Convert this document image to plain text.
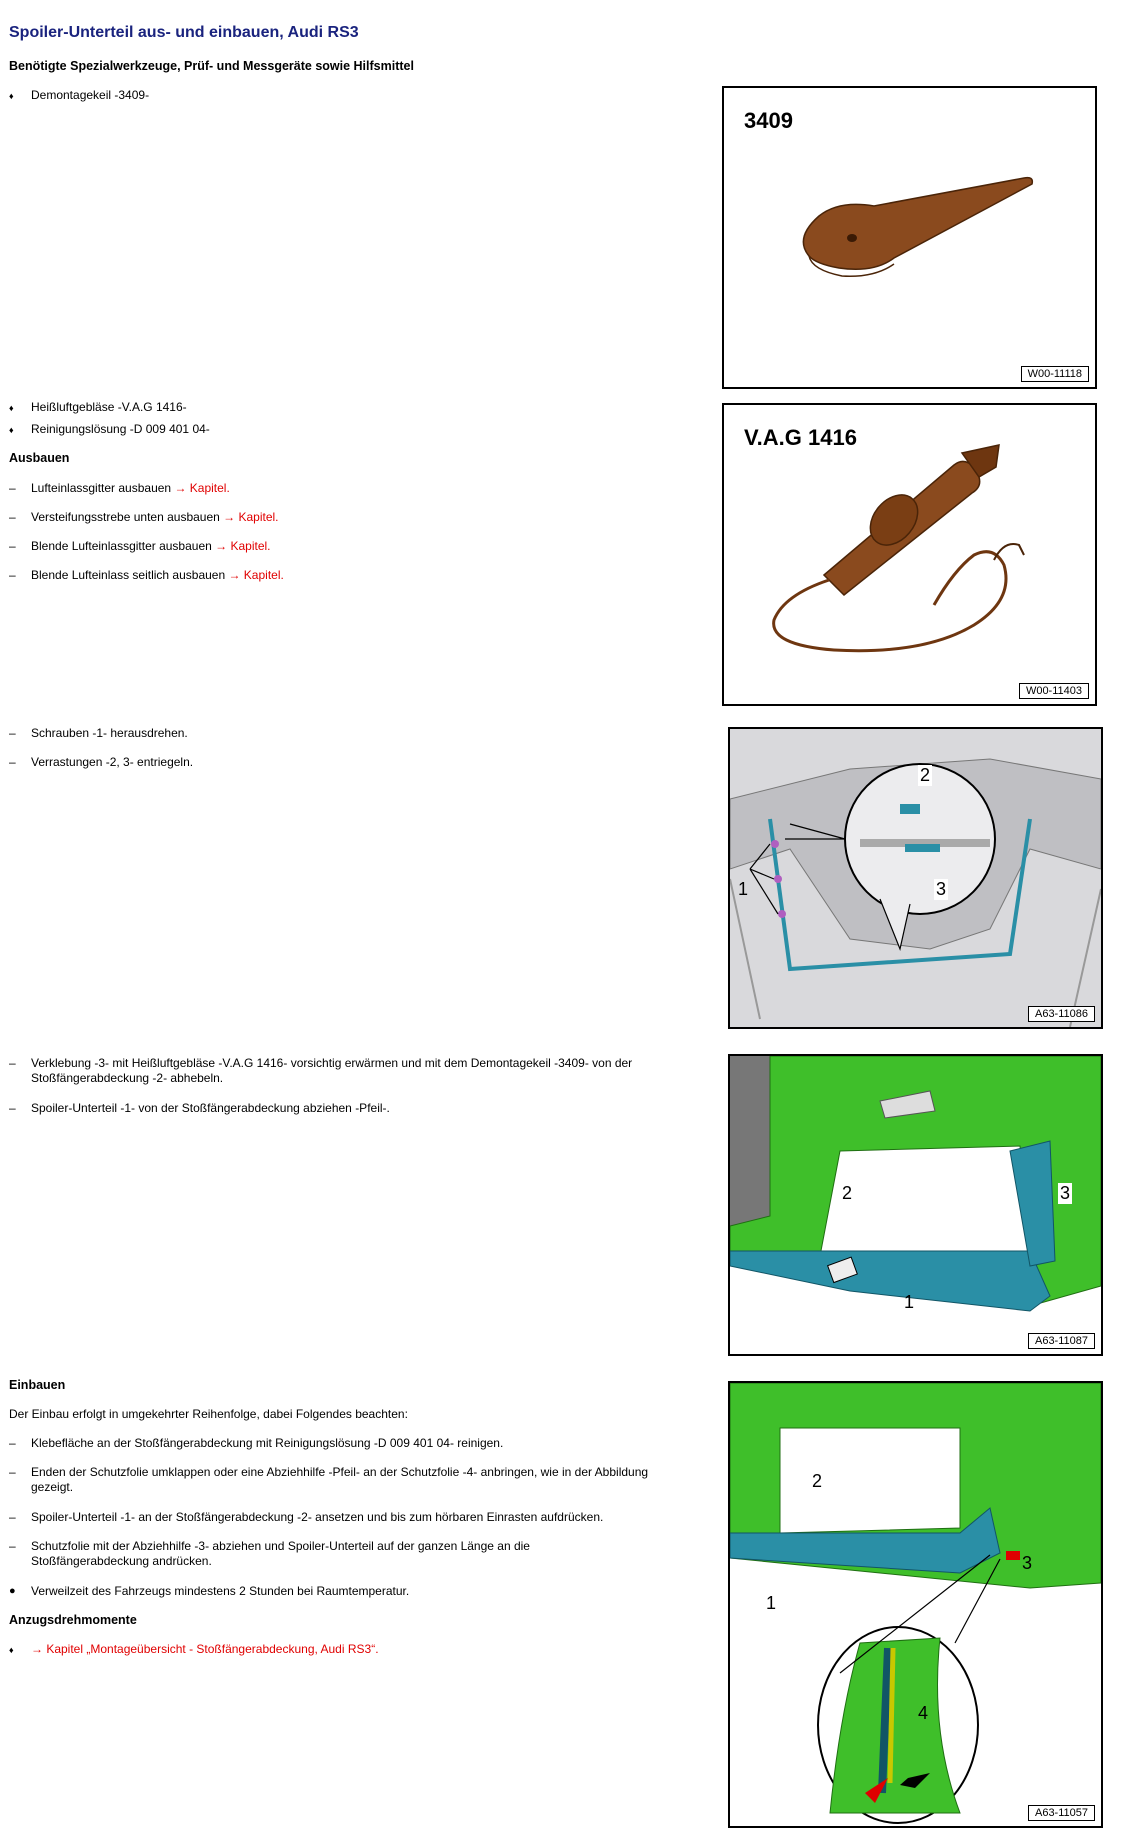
Spoiler-Unterteil aus- und einbauen, Audi RS3
Benötigte Spezialwerkzeuge, Prüf- und Messgeräte sowie Hilfsmittel
♦	Demontagekeil -3409-
♦	Heißluftgebläse -V.A.G 1416-
♦	Reinigungslösung -D 009 401 04-
Ausbauen
–	Lufteinlassgitter ausbauen → Kapitel.
–	Versteifungsstrebe unten ausbauen → Kapitel.
–	Blende Lufteinlassgitter ausbauen → Kapitel.
–	Blende Lufteinlass seitlich ausbauen → Kapitel.
–	Schrauben -1- herausdrehen.
–	Verrastungen -2, 3- entriegeln.
–	Verklebung -3- mit Heißluftgebläse -V.A.G 1416- vorsichtig erwärmen und mit dem Demontagekeil -3409- von der Stoßfängerabdeckung -2- abhebeln.
–	Spoiler-Unterteil -1- von der Stoßfängerabdeckung abziehen -Pfeil-.
Einbauen
Der Einbau erfolgt in umgekehrter Reihenfolge, dabei Folgendes beachten:
–	Klebefläche an der Stoßfängerabdeckung mit Reinigungslösung -D 009 401 04- reinigen.
–	Enden der Schutzfolie umklappen oder eine Abziehhilfe -Pfeil- an der Schutzfolie -4- anbringen, wie in der Abbildung gezeigt.
–	Spoiler-Unterteil -1- an der Stoßfängerabdeckung -2- ansetzen und bis zum hörbaren Einrasten aufdrücken.
–	Schutzfolie mit der Abziehhilfe -3- abziehen und Spoiler-Unterteil auf der ganzen Länge an die Stoßfängerabdeckung andrücken.
●	Verweilzeit des Fahrzeugs mindestens 2 Stunden bei Raumtemperatur.
Anzugsdrehmomente
♦	→ Kapitel „Montageübersicht - Stoßfängerabdeckung, Audi RS3“.
3409
W00-11118
V.A.G 1416
W00-11403
1
2
3
A63-11086
2	3
1
A63-11087
2
3
1
4
A63-11057
